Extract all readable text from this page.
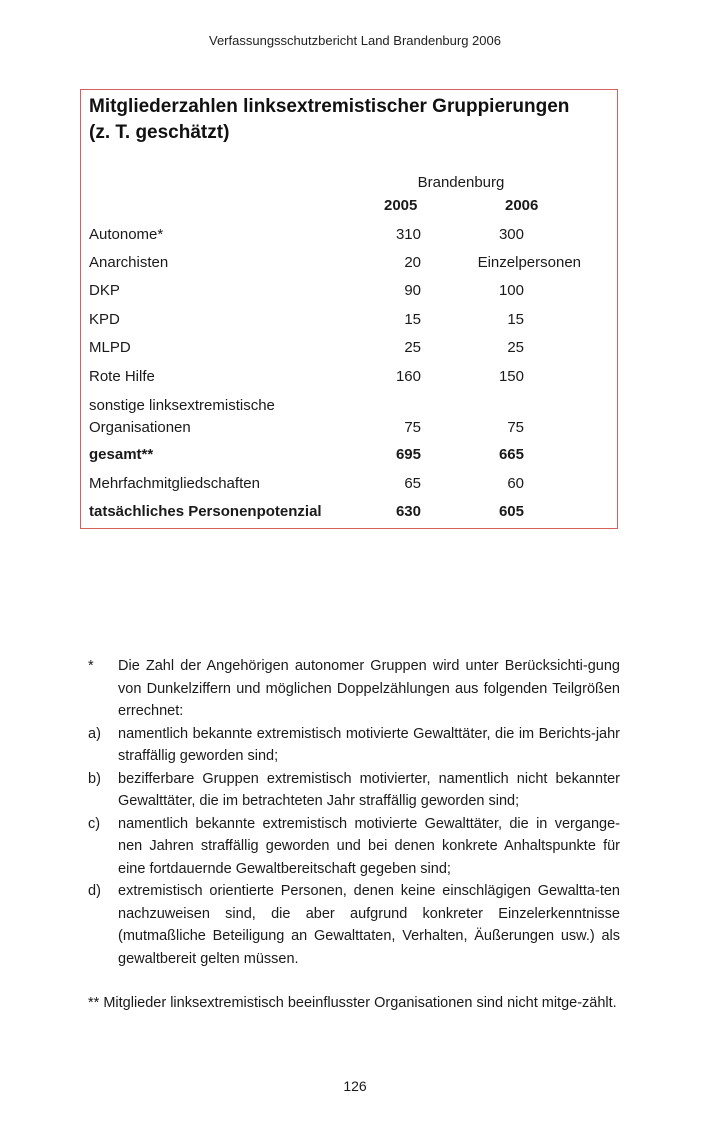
Verfassungsschutzbericht Land Brandenburg 2006
Mitgliederzahlen linksextremistischer Gruppierungen
(z. T. geschätzt)
Brandenburg
2005	2006
Autonome*	310	300
Anarchisten	20	Einzelpersonen
DKP	90	100
KPD	15	15
MLPD	25	25
Rote Hilfe	160	150
sonstige linksextremistische
Organisationen	75	75
gesamt**	695	665
Mehrfachmitgliedschaften	65	60
tatsächliches Personenpotenzial	630	605
* Die Zahl der Angehörigen autonomer Gruppen wird unter Berücksichti-gung von Dunkelziffern und möglichen Doppelzählungen aus folgenden Teilgrößen errechnet:
a) namentlich bekannte extremistisch motivierte Gewalttäter, die im Berichts-jahr straffällig geworden sind;
b) bezifferbare Gruppen extremistisch motivierter, namentlich nicht bekannter Gewalttäter, die im betrachteten Jahr straffällig geworden sind;
c) namentlich bekannte extremistisch motivierte Gewalttäter, die in vergange-nen Jahren straffällig geworden und bei denen konkrete Anhaltspunkte für eine fortdauernde Gewaltbereitschaft gegeben sind;
d) extremistisch orientierte Personen, denen keine einschlägigen Gewaltta-ten nachzuweisen sind, die aber aufgrund konkreter Einzelerkenntnisse (mutmaßliche Beteiligung an Gewalttaten, Verhalten, Äußerungen usw.) als gewaltbereit gelten müssen.
** Mitglieder linksextremistisch beeinflusster Organisationen sind nicht mitge-zählt.
126
